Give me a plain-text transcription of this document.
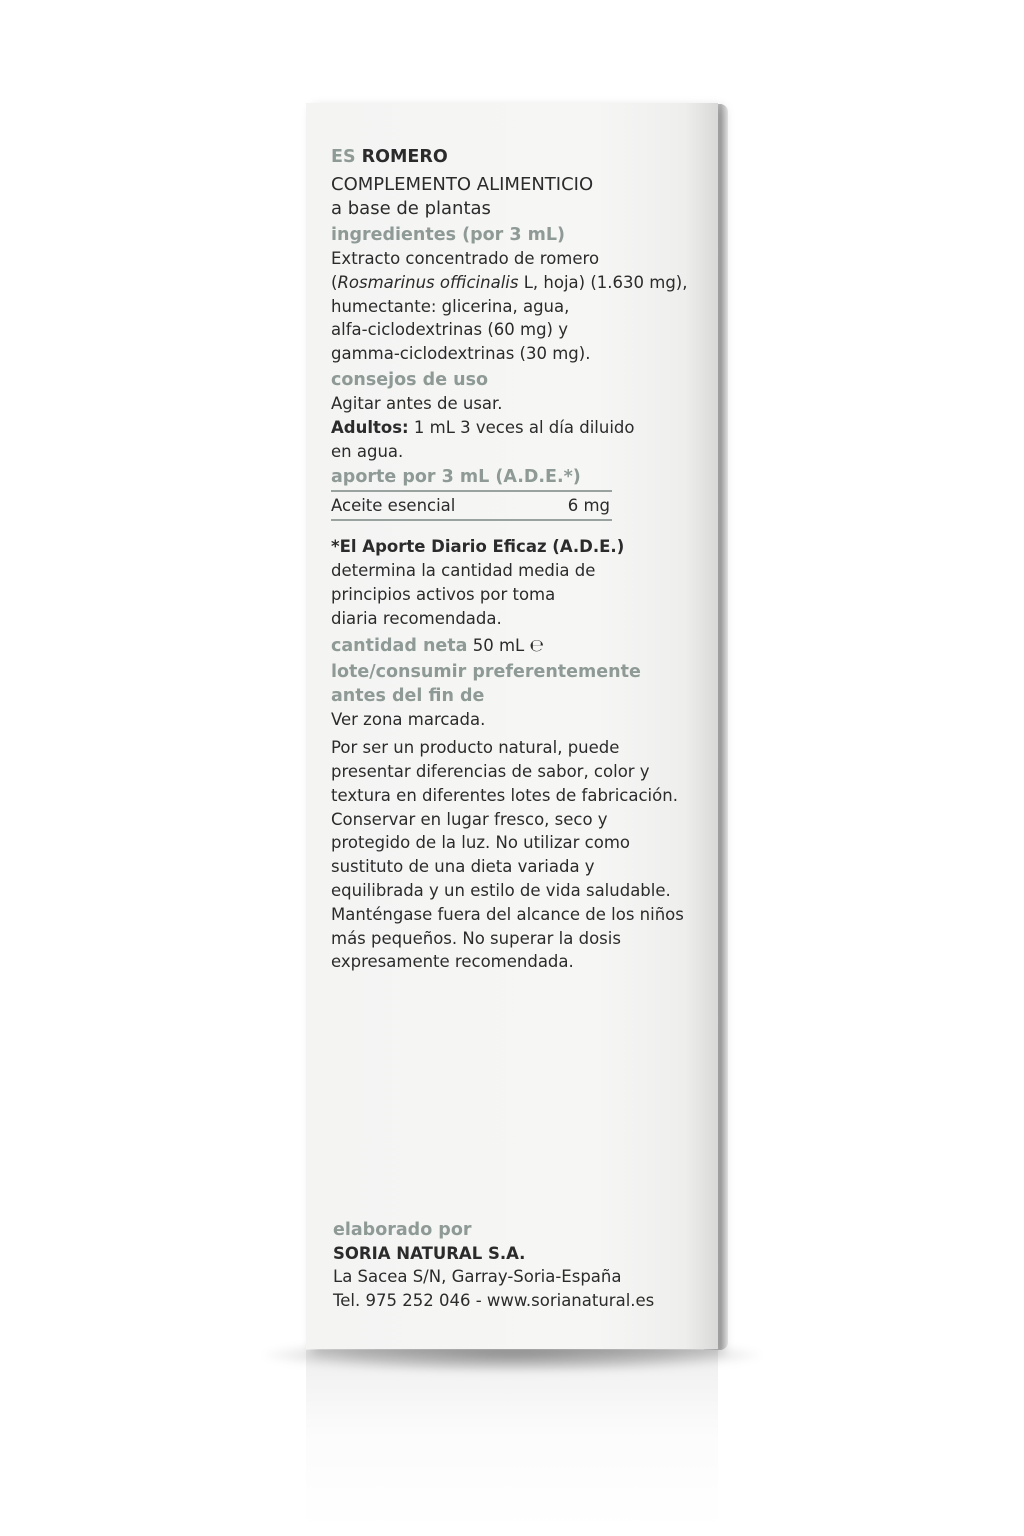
ES ROMERO

COMPLEMENTO ALIMENTICIO

a base de plantas

ingredientes (por 3 mL)

Extracto concentrado de romero

(Rosmarinus officinalis L, hoja) (1.630 mg),

humectante: glicerina, agua,

alfa-ciclodextrinas (60 mg) y

gamma-ciclodextrinas (30 mg).

consejos de uso

Agitar antes de usar.

Adultos: 1 mL 3 veces al día diluido

en agua.

aporte por 3 mL (A.D.E.*)

Aceite esencial	6 mg

*El Aporte Diario Eficaz (A.D.E.)

determina la cantidad media de

principios activos por toma

diaria recomendada.

cantidad neta 50 mL ℮

lote/consumir preferentemente

antes del fin de

Ver zona marcada.

Por ser un producto natural, puede

presentar diferencias de sabor, color y

textura en diferentes lotes de fabricación.

Conservar en lugar fresco, seco y

protegido de la luz. No utilizar como

sustituto de una dieta variada y

equilibrada y un estilo de vida saludable.

Manténgase fuera del alcance de los niños

más pequeños. No superar la dosis

expresamente recomendada.

elaborado por

SORIA NATURAL S.A.

La Sacea S/N, Garray-Soria-España

Tel. 975 252 046 - www.sorianatural.es
